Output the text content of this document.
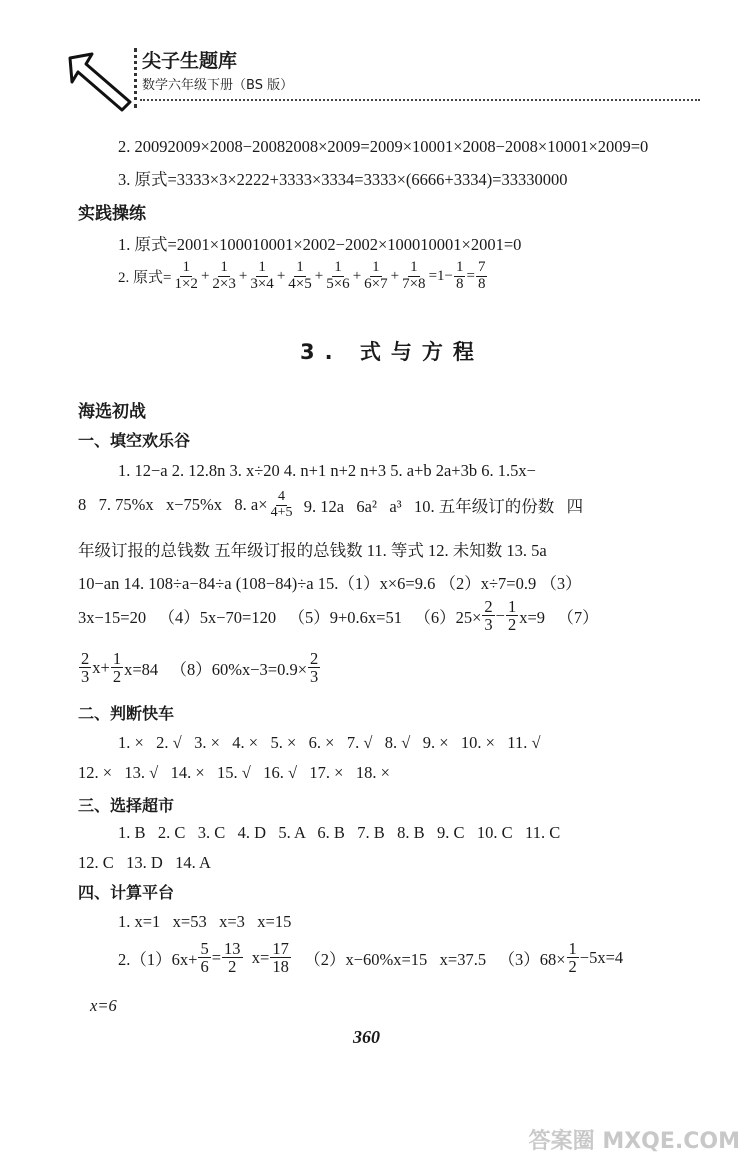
尖子生题库
数学六年级下册（BS 版）
2. 20092009×2008−20082008×2009=2009×10001×2008−2008×10001×2009=0
3. 原式=3333×3×2222+3333×3334=3333×(6666+3334)=33330000
实践操练
1. 原式=2001×100010001×2002−2002×100010001×2001=0
2. 原式= $\frac{1}{1\times 2} + \frac{1}{2\times 3} + \frac{1}{3\times 4} + \frac{1}{4\times 5} + \frac{1}{5\times 6} + \frac{1}{6\times 7} + \frac{1}{7\times 8} =1- \frac{1}{8} = \frac{7}{8}$
3. 式与方程
海选初战
一、填空欢乐谷
1. 12−a 2. 12.8n 3. x÷20 4. n+1 n+2 n+3 5. a+b 2a+3b 6. 1.5x−
8   7. 75%x   x−75%x   8. $a\times \frac{4}{4+5} 9$. 12a   6a²   a³   10. 五年级订的份数   四
年级订报的总钱数 五年级订报的总钱数 11. 等式 12. 未知数 13. 5a
10−an 14. 108÷a−84÷a (108−84)÷a 15.（1）x×6=9.6 （2）x÷7=0.9 （3）
3x−15=20   （4）5x−70=120   （5）9+0.6x=51   $(6)25\times \frac{2}{3} - \frac{1}{2} x=9$   （7）
$\frac{2}{3} x+ \frac{1}{2} x=84$   $(8)60\%x-3=0.9\times \frac{2}{3}$
二、判断快车
1. ×   2. √   3. ×   4. ×   5. ×   6. ×   7. √   8. √   9. ×   10. ×   11. √
12. ×   13. √   14. ×   15. √   16. √   17. ×   18. ×
三、选择超市
1. B   2. C   3. C   4. D   5. A   6. B   7. B   8. B   9. C   10. C   11. C
12. C   13. D   14. A
四、计算平台
1. x=1   x=53   x=3   x=15
$2.(1)6x+ \frac{5}{6} = \frac{13}{2} x= \frac{17}{18} (2)x-60\%x=15$   x=37.5   $(3)68\times \frac{1}{2} -5x=4$
x=6
360
答案圈 MXQE.COM
